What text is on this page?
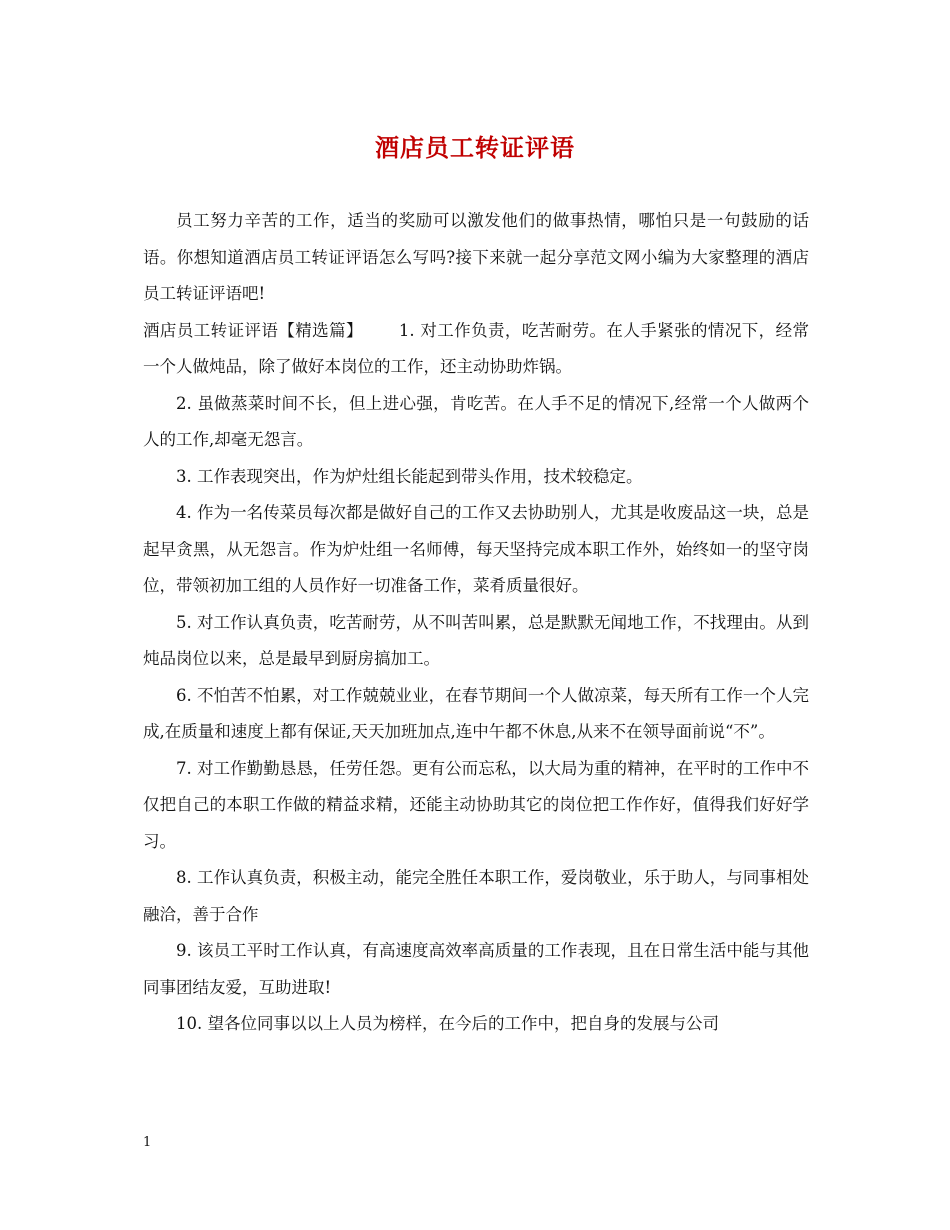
酒店员工转证评语

员工努力辛苦的工作，适当的奖励可以激发他们的做事热情，哪怕只是一句鼓励的话语。你想知道酒店员工转证评语怎么写吗?接下来就一起分享范文网小编为大家整理的酒店员工转证评语吧!

酒店员工转证评语【精选篇】 1. 对工作负责，吃苦耐劳。在人手紧张的情况下，经常一个人做炖品，除了做好本岗位的工作，还主动协助炸锅。

2. 虽做蒸菜时间不长，但上进心强，肯吃苦。在人手不足的情况下,经常一个人做两个人的工作,却毫无怨言。

3. 工作表现突出，作为炉灶组长能起到带头作用，技术较稳定。

4. 作为一名传菜员每次都是做好自己的工作又去协助别人，尤其是收废品这一块，总是起早贪黑，从无怨言。作为炉灶组一名师傅，每天坚持完成本职工作外，始终如一的坚守岗位，带领初加工组的人员作好一切准备工作，菜肴质量很好。

5. 对工作认真负责，吃苦耐劳，从不叫苦叫累，总是默默无闻地工作，不找理由。从到炖品岗位以来，总是最早到厨房搞加工。

6. 不怕苦不怕累，对工作兢兢业业，在春节期间一个人做凉菜，每天所有工作一个人完成,在质量和速度上都有保证,天天加班加点,连中午都不休息,从来不在领导面前说“不”。

7. 对工作勤勤恳恳，任劳任怨。更有公而忘私，以大局为重的精神，在平时的工作中不仅把自己的本职工作做的精益求精，还能主动协助其它的岗位把工作作好，值得我们好好学习。

8. 工作认真负责，积极主动，能完全胜任本职工作，爱岗敬业，乐于助人，与同事相处融洽，善于合作

9. 该员工平时工作认真，有高速度高效率高质量的工作表现，且在日常生活中能与其他同事团结友爱，互助进取!

10. 望各位同事以以上人员为榜样，在今后的工作中，把自身的发展与公司

1
